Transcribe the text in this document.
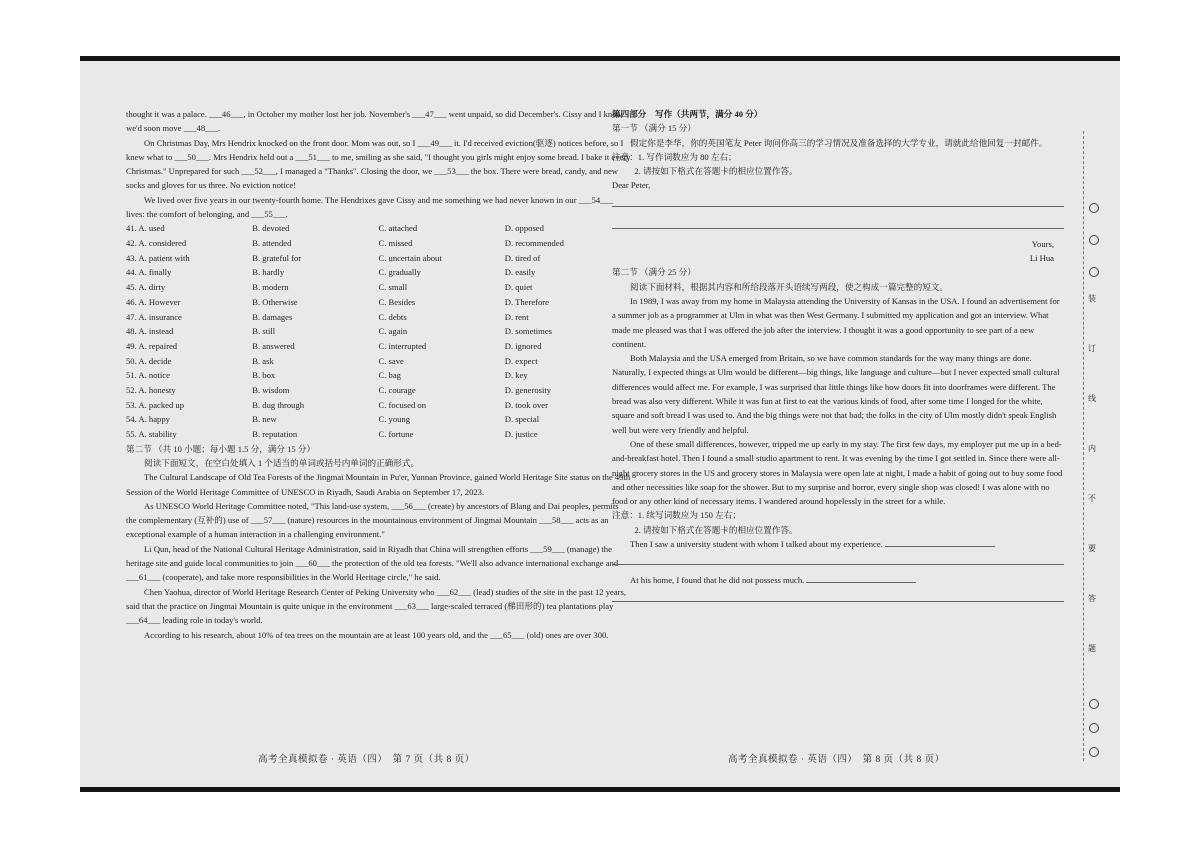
thought it was a palace. ___46___, in October my mother lost her job. November's ___47___ went unpaid, so did December's. Cissy and I knew we'd soon move ___48___.

On Christmas Day, Mrs Hendrix knocked on the front door. Mom was out, so I ___49___ it. I'd received eviction(驱逐) notices before, so I knew what to ___50___. Mrs Hendrix held out a ___51___ to me, smiling as she said, "I thought you girls might enjoy some bread. I bake it every Christmas." Unprepared for such ___52___, I managed a "Thanks". Closing the door, we ___53___ the box. There were bread, candy, and new socks and gloves for us three. No eviction notice!

We lived over five years in our twenty-fourth home. The Hendrixes gave Cissy and me something we had never known in our ___54___ lives: the comfort of belonging, and ___55___.

41. A. used	B. devoted	C. attached	D. opposed
42. A. considered	B. attended	C. missed	D. recommended
43. A. patient with	B. grateful for	C. uncertain about	D. tired of
44. A. finally	B. hardly	C. gradually	D. easily
45. A. dirty	B. modern	C. small	D. quiet
46. A. However	B. Otherwise	C. Besides	D. Therefore
47. A. insurance	B. damages	C. debts	D. rent
48. A. instead	B. still	C. again	D. sometimes
49. A. repaired	B. answered	C. interrupted	D. ignored
50. A. decide	B. ask	C. save	D. expect
51. A. notice	B. box	C. bag	D. key
52. A. honesty	B. wisdom	C. courage	D. generosity
53. A. packed up	B. dug through	C. focused on	D. took over
54. A. happy	B. new	C. young	D. special
55. A. stability	B. reputation	C. fortune	D. justice

第二节 （共 10 小题；每小题 1.5 分，满分 15 分）

阅读下面短文，在空白处填入 1 个适当的单词或括号内单词的正确形式。

The Cultural Landscape of Old Tea Forests of the Jingmai Mountain in Pu'er, Yunnan Province, gained World Heritage Site status on the 45th Session of the World Heritage Committee of UNESCO in Riyadh, Saudi Arabia on September 17, 2023.

As UNESCO World Heritage Committee noted, "This land-use system, ___56___ (create) by ancestors of Blang and Dai peoples, permits the complementary (互补的) use of ___57___ (nature) resources in the mountainous environment of Jingmai Mountain ___58___ acts as an exceptional example of a human interaction in a challenging environment."

Li Qun, head of the National Cultural Heritage Administration, said in Riyadh that China will strengthen efforts ___59___ (manage) the heritage site and guide local communities to join ___60___ the protection of the old tea forests. "We'll also advance international exchange and ___61___ (cooperate), and take more responsibilities in the World Heritage circle," he said.

Chen Yaohua, director of World Heritage Research Center of Peking University who ___62___ (lead) studies of the site in the past 12 years, said that the practice on Jingmai Mountain is quite unique in the environment ___63___ large-scaled terraced (梯田形的) tea plantations play ___64___ leading role in today's world.

According to his research, about 10% of tea trees on the mountain are at least 100 years old, and the ___65___ (old) ones are over 300.

高考全真模拟卷 · 英语（四）　第 7 页（共 8 页）

第四部分　写作（共两节，满分 40 分）

第一节 （满分 15 分）

假定你是李华，你的英国笔友 Peter 询问你高三的学习情况及准备选择的大学专业，请就此给他回复一封邮件。

注意：1. 写作词数应为 80 左右；

2. 请按如下格式在答题卡的相应位置作答。

Dear Peter,

Yours,

Li Hua

第二节 （满分 25 分）

阅读下面材料，根据其内容和所给段落开头语续写两段，使之构成一篇完整的短文。

In 1989, I was away from my home in Malaysia attending the University of Kansas in the USA. I found an advertisement for a summer job as a programmer at Ulm in what was then West Germany. I submitted my application and got an interview. What made me pleased was that I was offered the job after the interview. I thought it was a good opportunity to see part of a new continent.

Both Malaysia and the USA emerged from Britain, so we have common standards for the way many things are done. Naturally, I expected things at Ulm would be different—big things, like language and culture—but I never expected small cultural differences would affect me. For example, I was surprised that little things like how doors fit into doorframes were different. The bread was also very different. While it was fun at first to eat the various kinds of food, after some time I longed for the white, square and soft bread I was used to. And the big things were not that bad; the folks in the city of Ulm mostly didn't speak English well but were very friendly and helpful.

One of these small differences, however, tripped me up early in my stay. The first few days, my employer put me up in a bed-and-breakfast hotel. Then I found a small studio apartment to rent. It was evening by the time I got settled in. Since there were all-night grocery stores in the US and grocery stores in Malaysia were open late at night, I made a habit of going out to buy some food and other necessities like soap for the shower. But to my surprise and horror, every single shop was closed! I was alone with no food or any other kind of necessary items. I wandered around hopelessly in the street for a while.

注意：1. 续写词数应为 150 左右；

2. 请按如下格式在答题卡的相应位置作答。

Then I saw a university student with whom I talked about my experience.

At his home, I found that he did not possess much.

高考全真模拟卷 · 英语（四）　第 8 页（共 8 页）
装
订
线
内
不
要
答
题
